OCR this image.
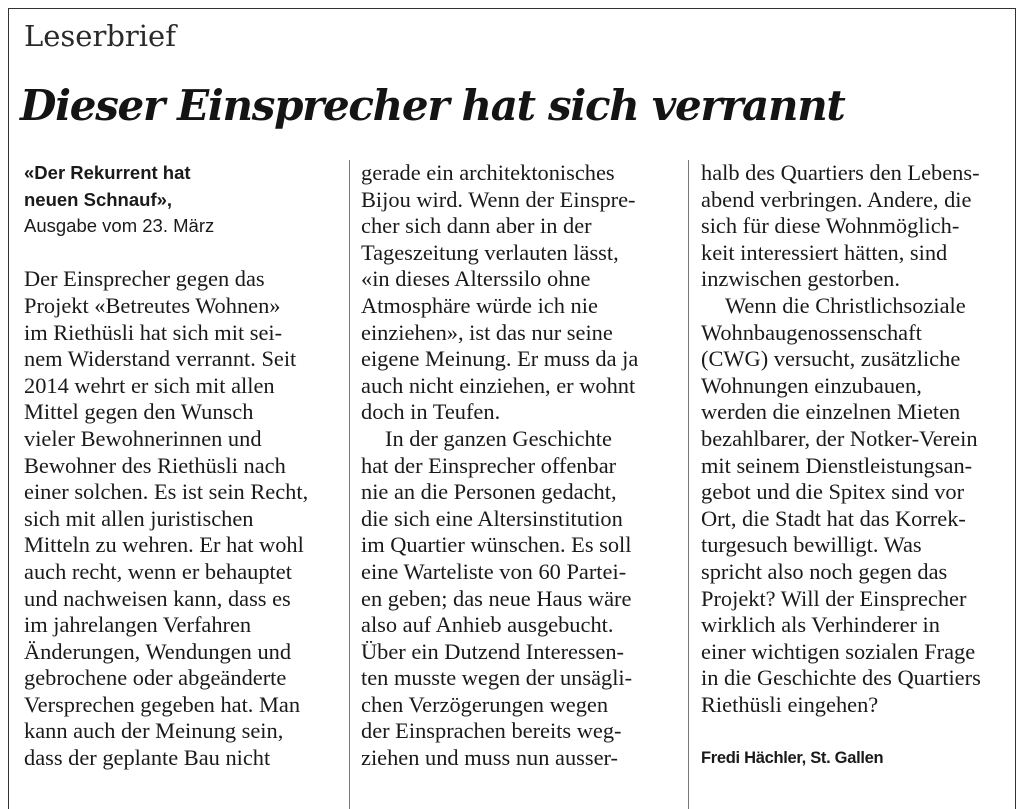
Leserbrief
Dieser Einsprecher hat sich verrannt
«Der Rekurrent hat
neuen Schnauf»,
Ausgabe vom 23. März
Der Einsprecher gegen das
Projekt «Betreutes Wohnen»
im Riethüsli hat sich mit sei-
nem Widerstand verrannt. Seit
2014 wehrt er sich mit allen
Mittel gegen den Wunsch
vieler Bewohnerinnen und
Bewohner des Riethüsli nach
einer solchen. Es ist sein Recht,
sich mit allen juristischen
Mitteln zu wehren. Er hat wohl
auch recht, wenn er behauptet
und nachweisen kann, dass es
im jahrelangen Verfahren
Änderungen, Wendungen und
gebrochene oder abgeänderte
Versprechen gegeben hat. Man
kann auch der Meinung sein,
dass der geplante Bau nicht
gerade ein architektonisches
Bijou wird. Wenn der Einspre-
cher sich dann aber in der
Tageszeitung verlauten lässt,
«in dieses Alterssilo ohne
Atmosphäre würde ich nie
einziehen», ist das nur seine
eigene Meinung. Er muss da ja
auch nicht einziehen, er wohnt
doch in Teufen.
In der ganzen Geschichte
hat der Einsprecher offenbar
nie an die Personen gedacht,
die sich eine Altersinstitution
im Quartier wünschen. Es soll
eine Warteliste von 60 Partei-
en geben; das neue Haus wäre
also auf Anhieb ausgebucht.
Über ein Dutzend Interessen-
ten musste wegen der unsägli-
chen Verzögerungen wegen
der Einsprachen bereits weg-
ziehen und muss nun ausser-
halb des Quartiers den Lebens-
abend verbringen. Andere, die
sich für diese Wohnmöglich-
keit interessiert hätten, sind
inzwischen gestorben.
Wenn die Christlichsoziale
Wohnbaugenossenschaft
(CWG) versucht, zusätzliche
Wohnungen einzubauen,
werden die einzelnen Mieten
bezahlbarer, der Notker-Verein
mit seinem Dienstleistungsan-
gebot und die Spitex sind vor
Ort, die Stadt hat das Korrek-
turgesuch bewilligt. Was
spricht also noch gegen das
Projekt? Will der Einsprecher
wirklich als Verhinderer in
einer wichtigen sozialen Frage
in die Geschichte des Quartiers
Riethüsli eingehen?
Fredi Hächler, St. Gallen
